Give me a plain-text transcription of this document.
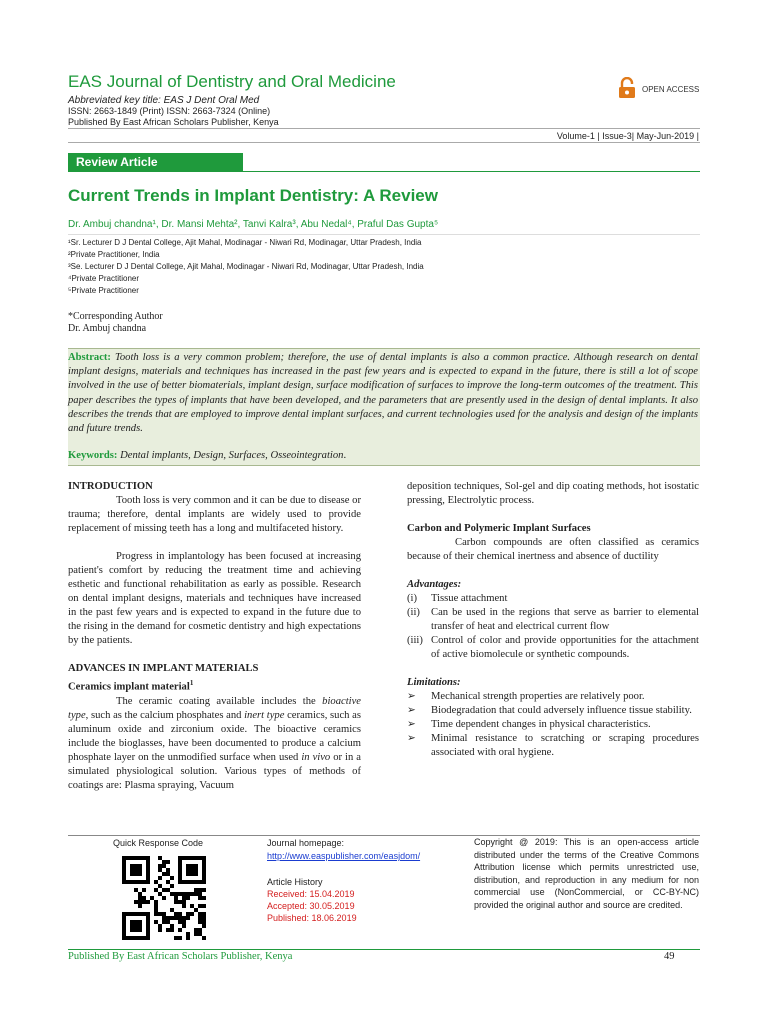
EAS Journal of Dentistry and Oral Medicine
Abbreviated key title: EAS J Dent Oral Med
ISSN: 2663-1849 (Print) ISSN: 2663-7324 (Online)
Published By East African Scholars Publisher, Kenya
OPEN ACCESS
Volume-1 | Issue-3| May-Jun-2019 |
Review Article
Current Trends in Implant Dentistry: A Review
Dr. Ambuj chandna¹, Dr. Mansi Mehta², Tanvi Kalra³, Abu Nedal⁴, Praful Das Gupta⁵
¹Sr. Lecturer D J Dental College, Ajit Mahal, Modinagar - Niwari Rd, Modinagar, Uttar Pradesh, India
²Private Practitioner, India
³Se. Lecturer D J Dental College, Ajit Mahal, Modinagar - Niwari Rd, Modinagar, Uttar Pradesh, India
⁴Private Practitioner
⁵Private Practitioner
*Corresponding Author
Dr. Ambuj chandna
Abstract: Tooth loss is a very common problem; therefore, the use of dental implants is also a common practice. Although research on dental implant designs, materials and techniques has increased in the past few years and is expected to expand in the future, there is still a lot of scope involved in the use of better biomaterials, implant design, surface modification of surfaces to improve the long-term outcomes of the treatment. This paper describes the types of implants that have been developed, and the parameters that are presently used in the design of dental implants. It also describes the trends that are employed to improve dental implant surfaces, and current technologies used for the analysis and design of the implants and future trends.
Keywords: Dental implants, Design, Surfaces, Osseointegration.

INTRODUCTION

Tooth loss is very common and it can be due to disease or trauma; therefore, dental implants are widely used to provide replacement of missing teeth has a long and multifaceted history.

Progress in implantology has been focused at increasing patient's comfort by reducing the treatment time and achieving esthetic and functional rehabilitation as early as possible. Research on dental implant designs, materials and techniques have increased in the past few years and is expected to expand in the future due to the rising in the demand for cosmetic dentistry and high expectations by the patients.

ADVANCES IN IMPLANT MATERIALS

Ceramics implant material$^1$

The ceramic coating available includes the bioactive type, such as the calcium phosphates and inert type ceramics, such as aluminum oxide and zirconium oxide. The bioactive ceramics include the bioglasses, have been documented to produce a calcium phosphate layer on the unmodified surface when used in vivo or in a simulated physiological solution. Various types of methods of coatings are: Plasma spraying, Vacuum

deposition techniques, Sol-gel and dip coating methods, hot isostatic pressing, Electrolytic process.

Carbon and Polymeric Implant Surfaces

Carbon compounds are often classified as ceramics because of their chemical inertness and absence of ductility

Advantages:

(i)	Tissue attachment
(ii)	Can be used in the regions that serve as barrier to elemental transfer of heat and electrical current flow
(iii) Control of color and provide opportunities for the attachment of active biomolecule or synthetic compounds.

Limitations:

➢	Mechanical strength properties are relatively poor.
➢	Biodegradation that could adversely influence tissue stability.
➢	Time dependent changes in physical characteristics.
➢	Minimal resistance to scratching or scraping procedures associated with oral hygiene.
Quick Response Code	Journal homepage:
http://www.easpublisher.com/easjdom/
Article History
Received: 15.04.2019
Accepted: 30.05.2019
Published: 18.06.2019
Copyright @ 2019: This is an open-access article distributed under the terms of the Creative Commons Attribution license which permits unrestricted use, distribution, and reproduction in any medium for non commercial use (NonCommercial, or CC-BY-NC) provided the original author and source are credited.
Published By East African Scholars Publisher, Kenya	49
